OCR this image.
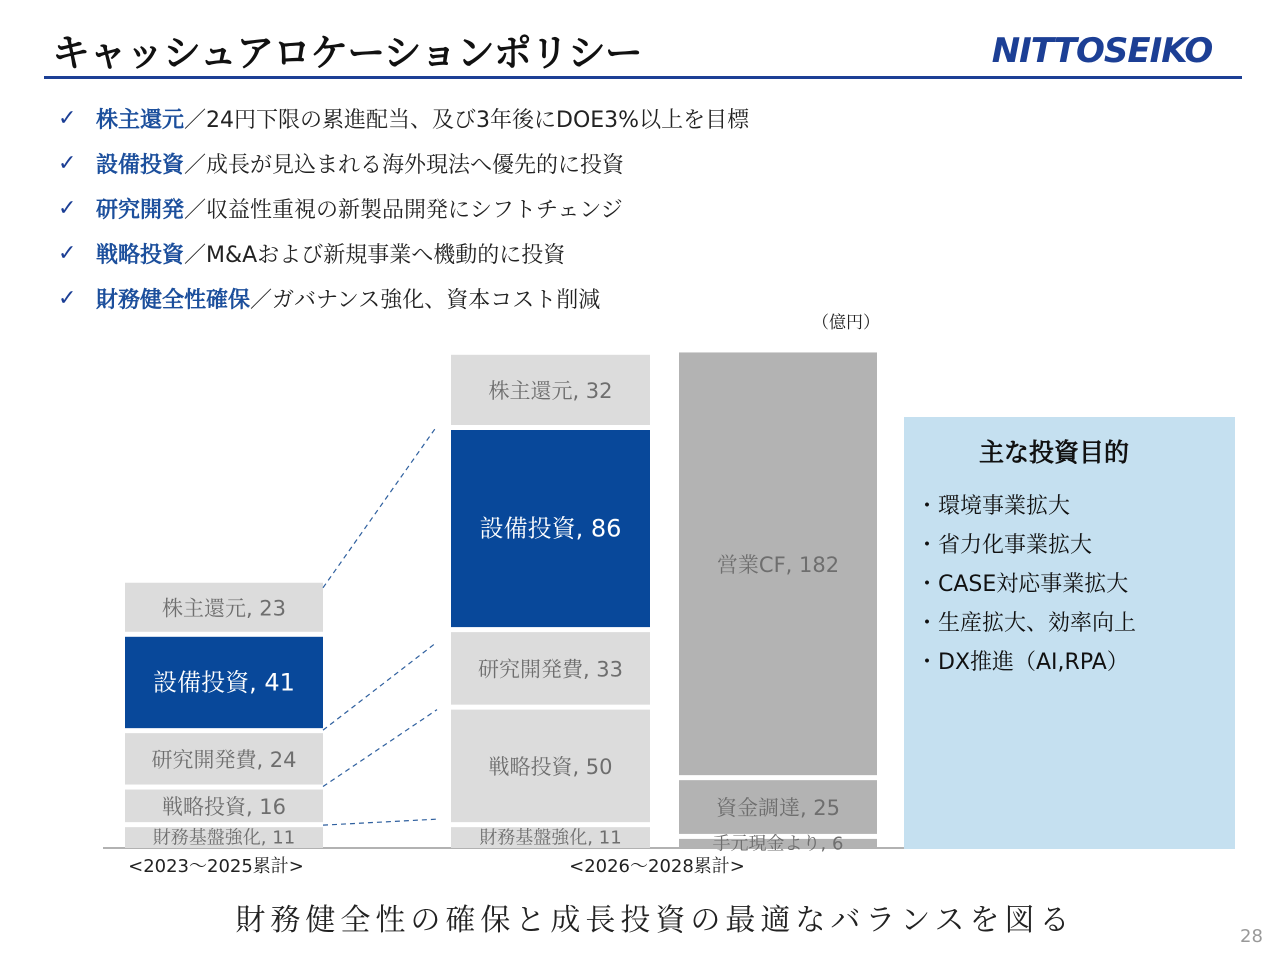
キャッシュアロケーションポリシー	NITTOSEIKO
✓ 株主還元 ／24円下限の累進配当、及び3年後にDOE3%以上を目標
✓ 設備投資 ／成長が見込まれる海外現法へ優先的に投資
✓ 研究開発 ／収益性重視の新製品開発にシフトチェンジ
✓ 戦略投資 ／M&Aおよび新規事業へ機動的に投資
✓ 財務健全性確保 ／ガバナンス強化、資本コスト削減
（億円）
財務基盤強化, 11
戦略投資, 16
研究開発費, 24
設備投資, 41
株主還元, 23
<2023〜2025累計>
財務基盤強化, 11
戦略投資, 50
研究開発費, 33
設備投資, 86
株主還元, 32
<2026〜2028累計>
手元現金より, 6
資金調達, 25
営業CF, 182
主な投資目的
・環境事業拡大
・省力化事業拡大
・CASE対応事業拡大
・生産拡大、効率向上
・DX推進（AI,RPA）
財務健全性の確保と成長投資の最適なバランスを図る	28
